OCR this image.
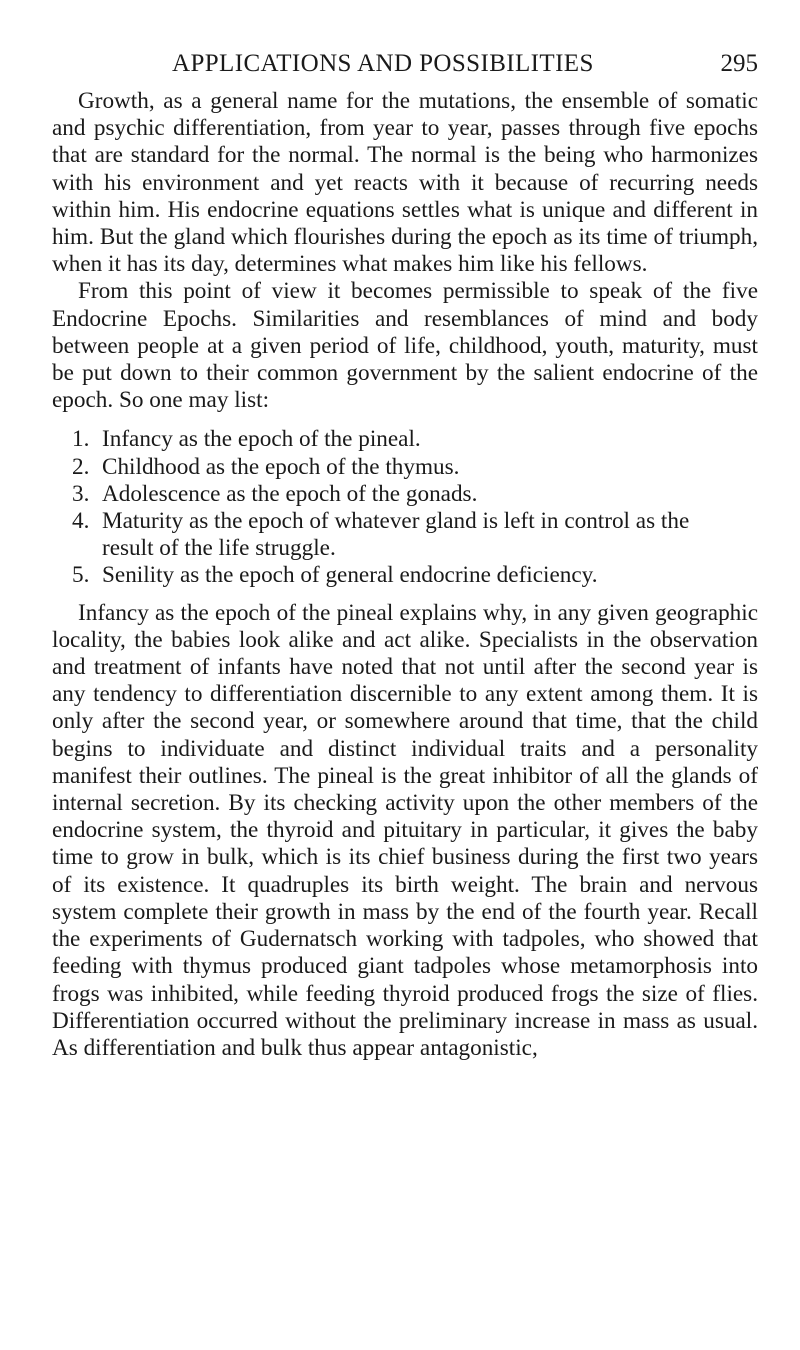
APPLICATIONS AND POSSIBILITIES	295

Growth, as a general name for the mutations, the ensemble of somatic and psychic differentiation, from year to year, passes through five epochs that are standard for the normal. The normal is the being who harmonizes with his environment and yet reacts with it because of recurring needs within him. His endocrine equations settles what is unique and different in him. But the gland which flourishes during the epoch as its time of triumph, when it has its day, determines what makes him like his fellows.

From this point of view it becomes permissible to speak of the five Endocrine Epochs. Similarities and resemblances of mind and body between people at a given period of life, childhood, youth, maturity, must be put down to their common government by the salient endocrine of the epoch. So one may list:

1. Infancy as the epoch of the pineal.
2. Childhood as the epoch of the thymus.
3. Adolescence as the epoch of the gonads.
4. Maturity as the epoch of whatever gland is left in control as the result of the life struggle.
5. Senility as the epoch of general endocrine deficiency.

Infancy as the epoch of the pineal explains why, in any given geographic locality, the babies look alike and act alike. Specialists in the observation and treatment of infants have noted that not until after the second year is any tendency to differentiation discernible to any extent among them. It is only after the second year, or somewhere around that time, that the child begins to individuate and distinct individual traits and a personality manifest their outlines. The pineal is the great inhibitor of all the glands of internal secretion. By its checking activity upon the other members of the endocrine system, the thyroid and pituitary in particular, it gives the baby time to grow in bulk, which is its chief business during the first two years of its existence. It quadruples its birth weight. The brain and nervous system complete their growth in mass by the end of the fourth year. Recall the experiments of Gudernatsch working with tadpoles, who showed that feeding with thymus produced giant tadpoles whose metamorphosis into frogs was inhibited, while feeding thyroid produced frogs the size of flies. Differentiation occurred without the preliminary increase in mass as usual. As differentiation and bulk thus appear antagonistic,
